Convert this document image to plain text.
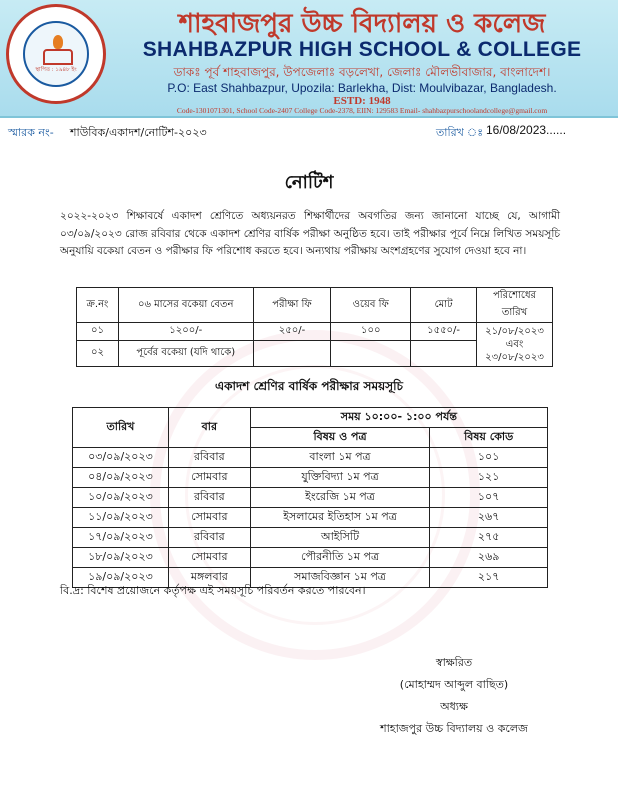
স্থাপিত : ১৯৪৮ ইং
শাহবাজপুর উচ্চ বিদ্যালয় ও কলেজ
SHAHBAZPUR HIGH SCHOOL & COLLEGE
ডাকঃ পূর্ব শাহবাজপুর, উপজেলাঃ বড়লেখা, জেলাঃ মৌলভীবাজার, বাংলাদেশ।
P.O: East Shahbazpur, Upozila: Barlekha, Dist: Moulvibazar, Bangladesh.
ESTD: 1948
Code-1301071301, School Code-2407 College Code-2378, EIIN: 129583 Email- shahbazpurschoolandcollege@gmail.com
স্মারক নং- শাউবিক/একাদশ/নোটিশ-২০২৩	তারিখ ঃ 16/08/2023......
নোটিশ
২০২২-২০২৩ শিক্ষাবর্ষে একাদশ শ্রেণিতে অধ্যয়নরত শিক্ষার্থীদের অবগতির জন্য জানানো যাচ্ছে যে, আগামী ০৩/০৯/২০২৩ রোজ রবিবার থেকে একাদশ শ্রেণির বার্ষিক পরীক্ষা অনুষ্ঠিত হবে। তাই পরীক্ষার পূর্বে নিম্নে লিখিত সময়সূচি অনুযায়ি বকেয়া বেতন ও পরীক্ষার ফি পরিশোধ করতে হবে। অন্যথায় পরীক্ষায় অংশগ্রহণের সুযোগ দেওয়া হবে না।
ক্র.নং	০৬ মাসের বকেয়া বেতন	পরীক্ষা ফি	ওয়েব ফি	মোট	পরিশোধের তারিখ
০১	১২০০/-	২৫০/-	১০০	১৫৫০/-	২১/০৮/২০২৩
এবং
২৩/০৮/২০২৩

০২	পূর্বের বকেয়া (যদি থাকে)				
একাদশ শ্রেণির বার্ষিক পরীক্ষার সময়সূচি
তারিখ	বার	সময় ১০:০০- ১:০০ পর্যন্ত	
		বিষয় ও পত্র	বিষয় কোড
০৩/০৯/২০২৩	রবিবার	বাংলা ১ম পত্র	১০১
০৪/০৯/২০২৩	সোমবার	যুক্তিবিদ্যা ১ম পত্র	১২১
১০/০৯/২০২৩	রবিবার	ইংরেজি ১ম পত্র	১০৭
১১/০৯/২০২৩	সোমবার	ইসলামের ইতিহাস ১ম পত্র	২৬৭
১৭/০৯/২০২৩	রবিবার	আইসিটি	২৭৫
১৮/০৯/২০২৩	সোমবার	পৌরনীতি ১ম পত্র	২৬৯
১৯/০৯/২০২৩	মঙ্গলবার	সমাজবিজ্ঞান ১ম পত্র	২১৭
বি.দ্র: বিশেষ প্রয়োজনে কর্তৃপক্ষ এই সময়সূচি পরিবর্তন করতে পারবেন।
স্বাক্ষরিত
(মোহাম্মদ আব্দুল বাছিত)
অধ্যক্ষ
শাহাজপুর উচ্চ বিদ্যালয় ও কলেজ
